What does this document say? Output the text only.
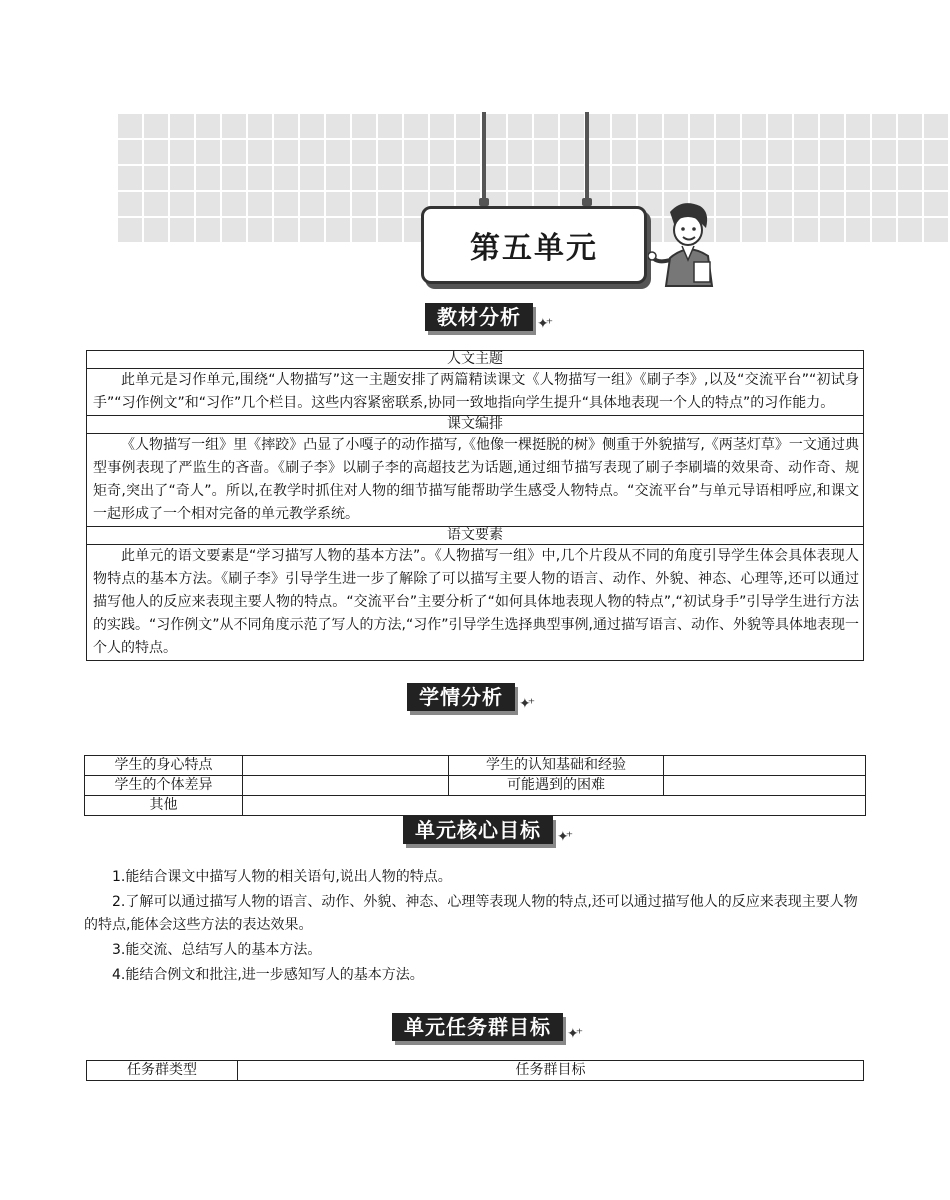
第五单元
教材分析	✦⁺
人文主题
此单元是习作单元,围绕“人物描写”这一主题安排了两篇精读课文《人物描写一组》《刷子李》,以及“交流平台”“初试身手”“习作例文”和“习作”几个栏目。这些内容紧密联系,协同一致地指向学生提升“具体地表现一个人的特点”的习作能力。
课文编排
《人物描写一组》里《摔跤》凸显了小嘎子的动作描写,《他像一棵挺脱的树》侧重于外貌描写,《两茎灯草》一文通过典型事例表现了严监生的吝啬。《刷子李》以刷子李的高超技艺为话题,通过细节描写表现了刷子李刷墙的效果奇、动作奇、规矩奇,突出了“奇人”。所以,在教学时抓住对人物的细节描写能帮助学生感受人物特点。“交流平台”与单元导语相呼应,和课文一起形成了一个相对完备的单元教学系统。
语文要素
此单元的语文要素是“学习描写人物的基本方法”。《人物描写一组》中,几个片段从不同的角度引导学生体会具体表现人物特点的基本方法。《刷子李》引导学生进一步了解除了可以描写主要人物的语言、动作、外貌、神态、心理等,还可以通过描写他人的反应来表现主要人物的特点。“交流平台”主要分析了“如何具体地表现人物的特点”,“初试身手”引导学生进行方法的实践。“习作例文”从不同角度示范了写人的方法,“习作”引导学生选择典型事例,通过描写语言、动作、外貌等具体地表现一个人的特点。
学情分析	✦⁺
学生的身心特点		学生的认知基础和经验	
学生的个体差异		可能遇到的困难	
其他			
单元核心目标	✦⁺

1.能结合课文中描写人物的相关语句,说出人物的特点。

2.了解可以通过描写人物的语言、动作、外貌、神态、心理等表现人物的特点,还可以通过描写他人的反应来表现主要人物的特点,能体会这些方法的表达效果。

3.能交流、总结写人的基本方法。

4.能结合例文和批注,进一步感知写人的基本方法。

单元任务群目标	✦⁺
任务群类型	任务群目标
